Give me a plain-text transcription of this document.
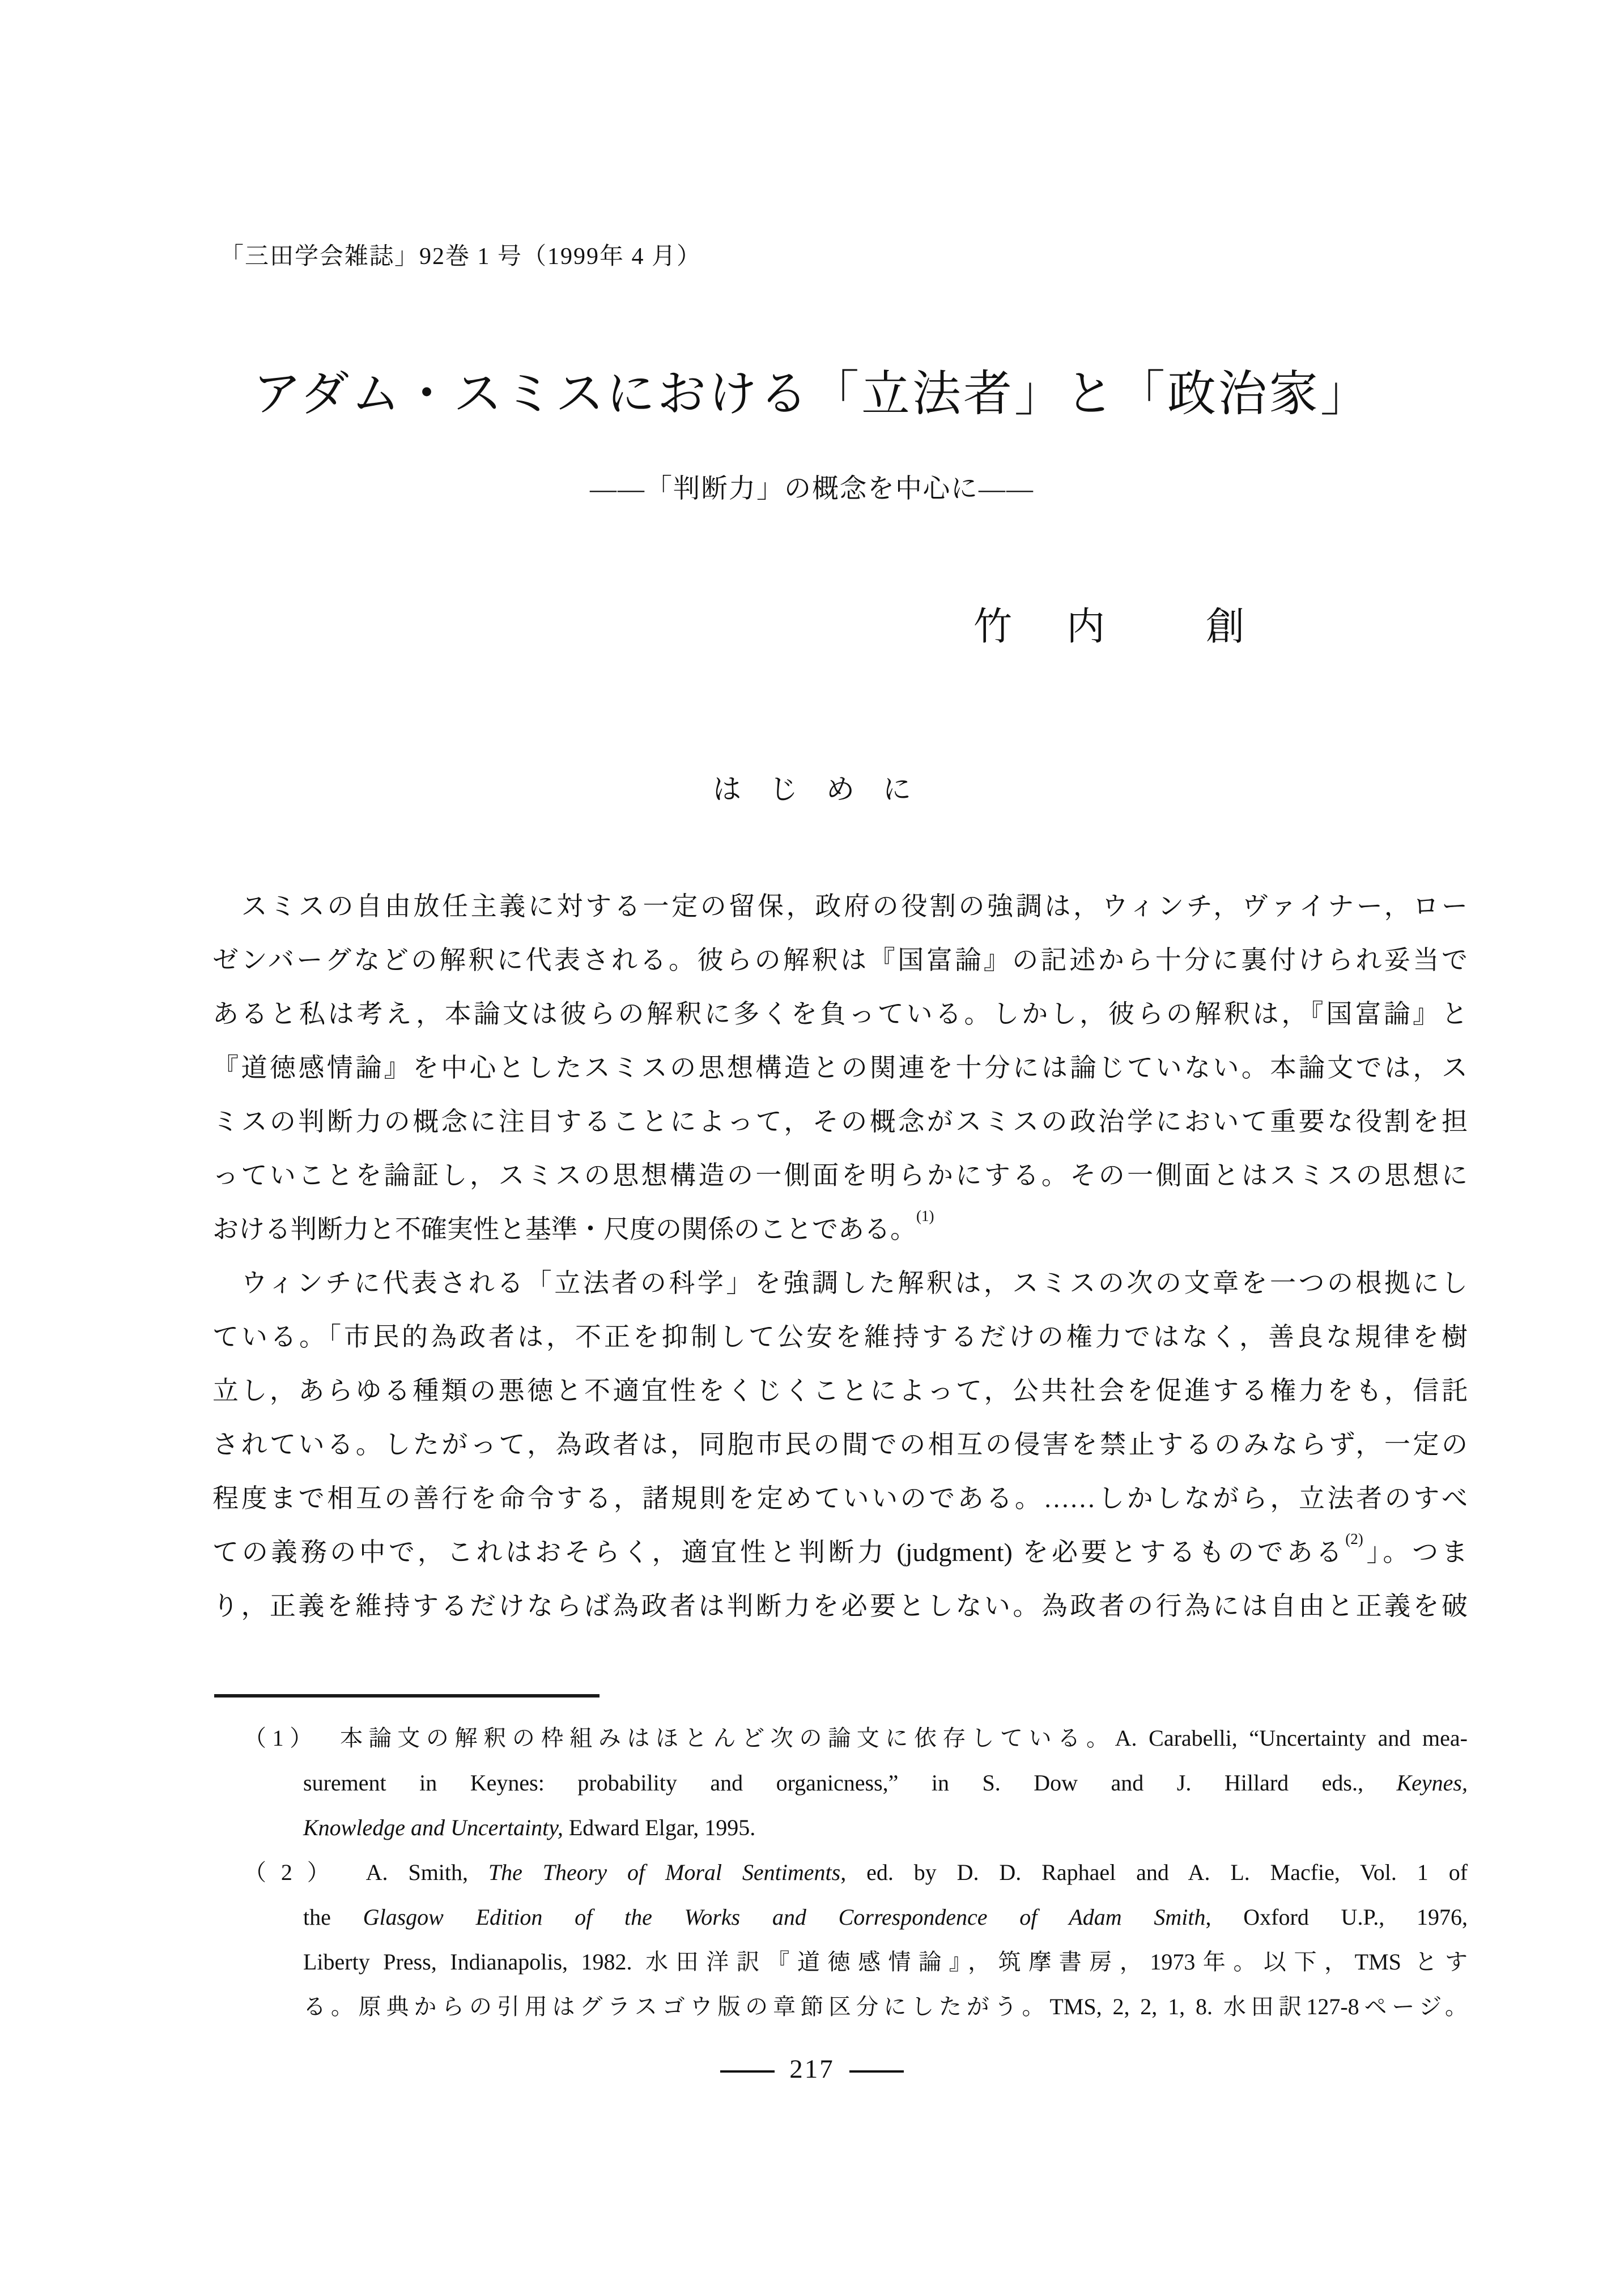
「三田学会雑誌」92巻 1 号（1999年 4 月）
アダム・スミスにおける「立法者」と「政治家」
——「判断力」の概念を中心に——
竹　内　　創
は　じ　め　に
　スミスの自由放任主義に対する一定の留保，政府の役割の強調は，ウィンチ，ヴァイナー，ロー
ゼンバーグなどの解釈に代表される。彼らの解釈は『国富論』の記述から十分に裏付けられ妥当で
あると私は考え，本論文は彼らの解釈に多くを負っている。しかし，彼らの解釈は，『国富論』と
『道徳感情論』を中心としたスミスの思想構造との関連を十分には論じていない。本論文では，ス
ミスの判断力の概念に注目することによって，その概念がスミスの政治学において重要な役割を担
っていことを論証し，スミスの思想構造の一側面を明らかにする。その一側面とはスミスの思想に
おける判断力と不確実性と基準・尺度の関係のことである。$^{(1)}$
　ウィンチに代表される「立法者の科学」を強調した解釈は，スミスの次の文章を一つの根拠にし
ている。「市民的為政者は，不正を抑制して公安を維持するだけの権力ではなく，善良な規律を樹
立し，あらゆる種類の悪徳と不適宜性をくじくことによって，公共社会を促進する権力をも，信託
されている。したがって，為政者は，同胞市民の間での相互の侵害を禁止するのみならず，一定の
程度まで相互の善行を命令する，諸規則を定めていいのである。……しかしながら，立法者のすべ
ての義務の中で，これはおそらく，適宜性と判断力 (judgment) を必要とするものである$^{(2)}$」。つま
り，正義を維持するだけならば為政者は判断力を必要としない。為政者の行為には自由と正義を破
（1） 本論文の解釈の枠組みはほとんど次の論文に依存している。A. Carabelli, “Uncertainty and mea-
surement in Keynes: probability and organicness,” in S. Dow and J. Hillard eds., Keynes,
Knowledge and Uncertainty, Edward Elgar, 1995.
（2） A. Smith, The Theory of Moral Sentiments, ed. by D. D. Raphael and A. L. Macfie, Vol. 1 of
the Glasgow Edition of the Works and Correspondence of Adam Smith, Oxford U.P., 1976,
Liberty Press, Indianapolis, 1982. 水田洋訳『道徳感情論』，筑摩書房，1973年。以下，TMS とす
る。原典からの引用はグラスゴウ版の章節区分にしたがう。TMS, 2, 2, 1, 8. 水田訳127-8ページ。
217
